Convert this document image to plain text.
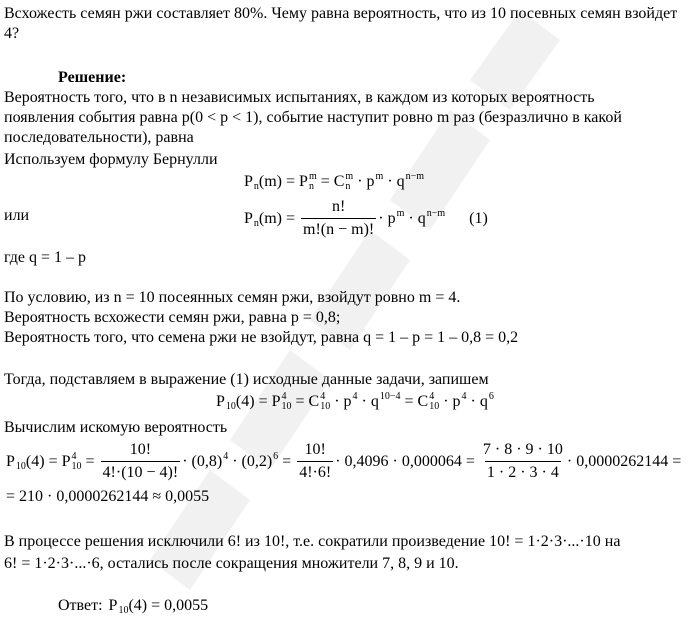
Всхожесть семян ржи составляет 80%. Чему равна вероятность, что из 10 посевных семян взойдет
4?
Решение:
Вероятность того, что в n независимых испытаниях, в каждом из которых вероятность
появления события равна p(0 < p < 1), событие наступит ровно m раз (безразлично в какой
последовательности), равна
Используем формулу Бернулли
P
n (m) = P m
n = C m
n · p m
· q n−m

или	P
n $(m) = \frac{n!}{m!(n - m)!} \cdot p$ m
· q n−m
(1)
где q = 1 – p
По условию, из n = 10 посеянных семян ржи, взойдут ровно m = 4.
Вероятность всхожести семян ржи, равна p = 0,8;
Вероятность того, что семена ржи не взойдут, равна q = 1 – p = 1 – 0,8 = 0,2
Тогда, подставляем в выражение (1) исходные данные задачи, запишем
P
10 (4) = P 4
10 = C 4
10 · p 4
· q 10−4
= C 4
10 · p 4
· q 6

Вычислим искомую вероятность
P
10 (4) = P 4
$10 = \frac{10!}{4!\cdot(10 - 4)!} \cdot (0,8)$ 4
· (0,2) 6
= $\frac{10!}{4!\cdot 6!} \cdot 0,4096 \cdot 0,000064 = \frac{7 \cdot 8 \cdot 9 \cdot 10}{1 \cdot 2 \cdot 3 \cdot 4} \cdot 0,0000262144$ =
= 210 · 0,0000262144 ≈ 0,0055
В процессе решения исключили 6! из 10!, т.е. сократили произведение 10! = 1·2·3·...·10 на
6! = 1·2·3·...·6, остались после сокращения множители 7, 8, 9 и 10.
Ответ: P
10 (4) = 0,0055
